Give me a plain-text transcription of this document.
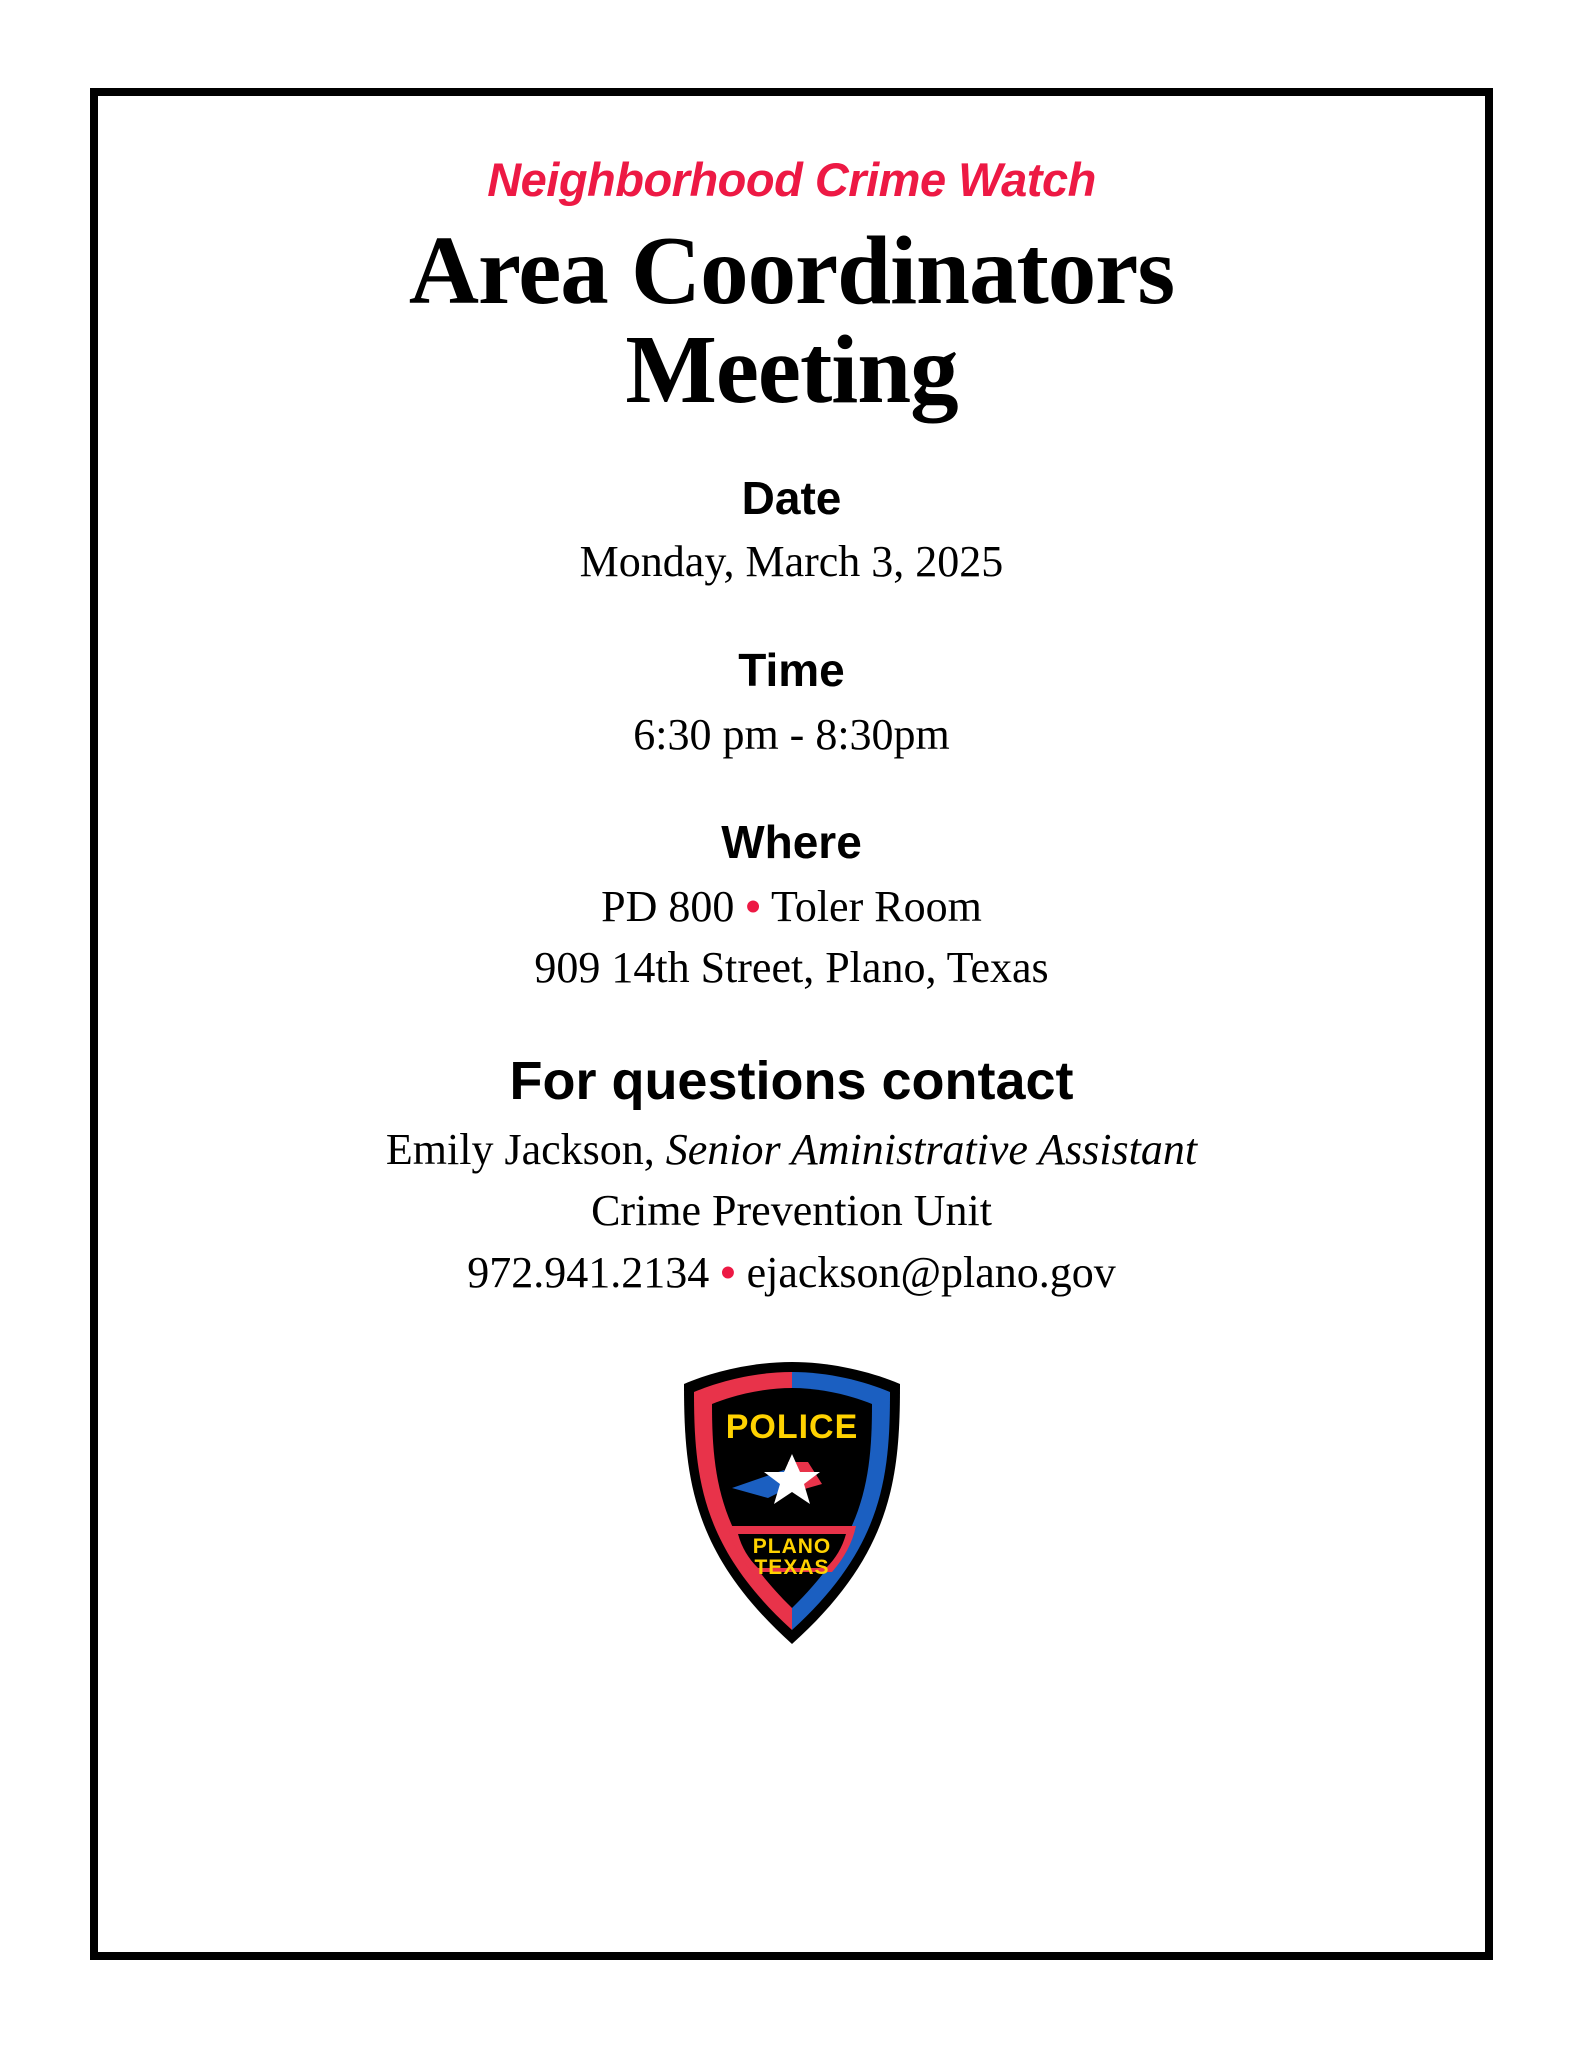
Neighborhood Crime Watch
Area Coordinators
Meeting
Date
Monday, March 3, 2025
Time
6:30 pm - 8:30pm
Where
PD 800 • Toler Room
909 14th Street, Plano, Texas
For questions contact
Emily Jackson, Senior Aministrative Assistant
Crime Prevention Unit
972.941.2134 • ejackson@plano.gov
POLICE
PLANO
TEXAS
